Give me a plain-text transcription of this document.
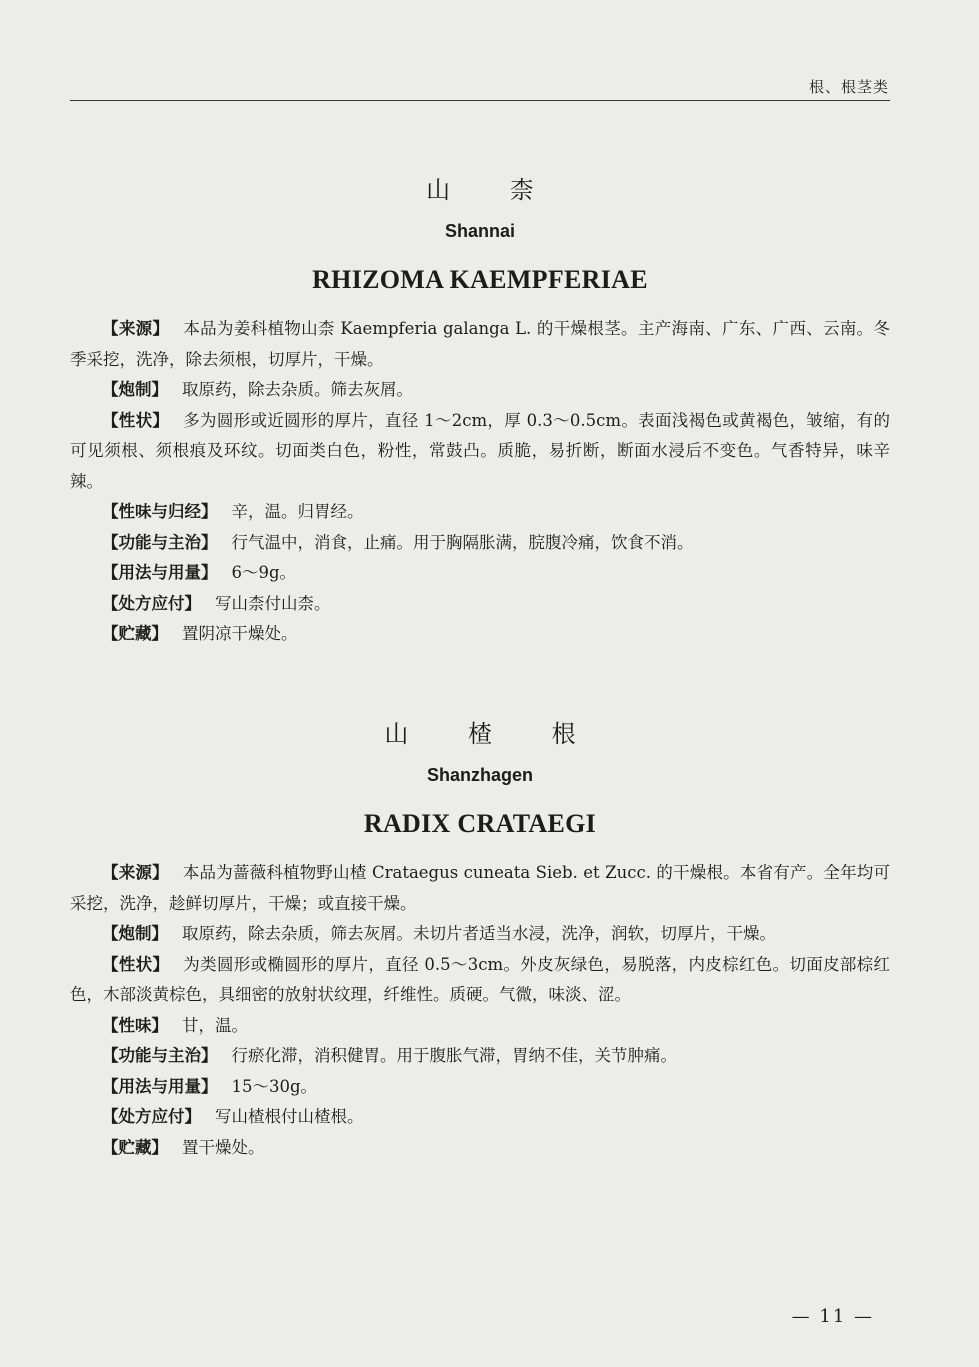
根、根茎类
山 柰
Shannai
RHIZOMA KAEMPFERIAE

【来源】 本品为姜科植物山柰 Kaempferia galanga L. 的干燥根茎。主产海南、广东、广西、云南。冬季采挖，洗净，除去须根，切厚片，干燥。

【炮制】 取原药，除去杂质。筛去灰屑。

【性状】 多为圆形或近圆形的厚片，直径 1～2cm，厚 0.3～0.5cm。表面浅褐色或黄褐色，皱缩，有的可见须根、须根痕及环纹。切面类白色，粉性，常鼓凸。质脆，易折断，断面水浸后不变色。气香特异，味辛辣。

【性味与归经】 辛，温。归胃经。

【功能与主治】 行气温中，消食，止痛。用于胸隔胀满，脘腹冷痛，饮食不消。

【用法与用量】 6～9g。

【处方应付】 写山柰付山柰。

【贮藏】 置阴凉干燥处。

山 楂 根
Shanzhagen
RADIX CRATAEGI

【来源】 本品为蔷薇科植物野山楂 Crataegus cuneata Sieb. et Zucc. 的干燥根。本省有产。全年均可采挖，洗净，趁鲜切厚片，干燥；或直接干燥。

【炮制】 取原药，除去杂质，筛去灰屑。未切片者适当水浸，洗净，润软，切厚片，干燥。

【性状】 为类圆形或椭圆形的厚片，直径 0.5～3cm。外皮灰绿色，易脱落，内皮棕红色。切面皮部棕红色，木部淡黄棕色，具细密的放射状纹理，纤维性。质硬。气微，味淡、涩。

【性味】 甘，温。

【功能与主治】 行瘀化滞，消积健胃。用于腹胀气滞，胃纳不佳，关节肿痛。

【用法与用量】 15～30g。

【处方应付】 写山楂根付山楂根。

【贮藏】 置干燥处。

— 11 —
